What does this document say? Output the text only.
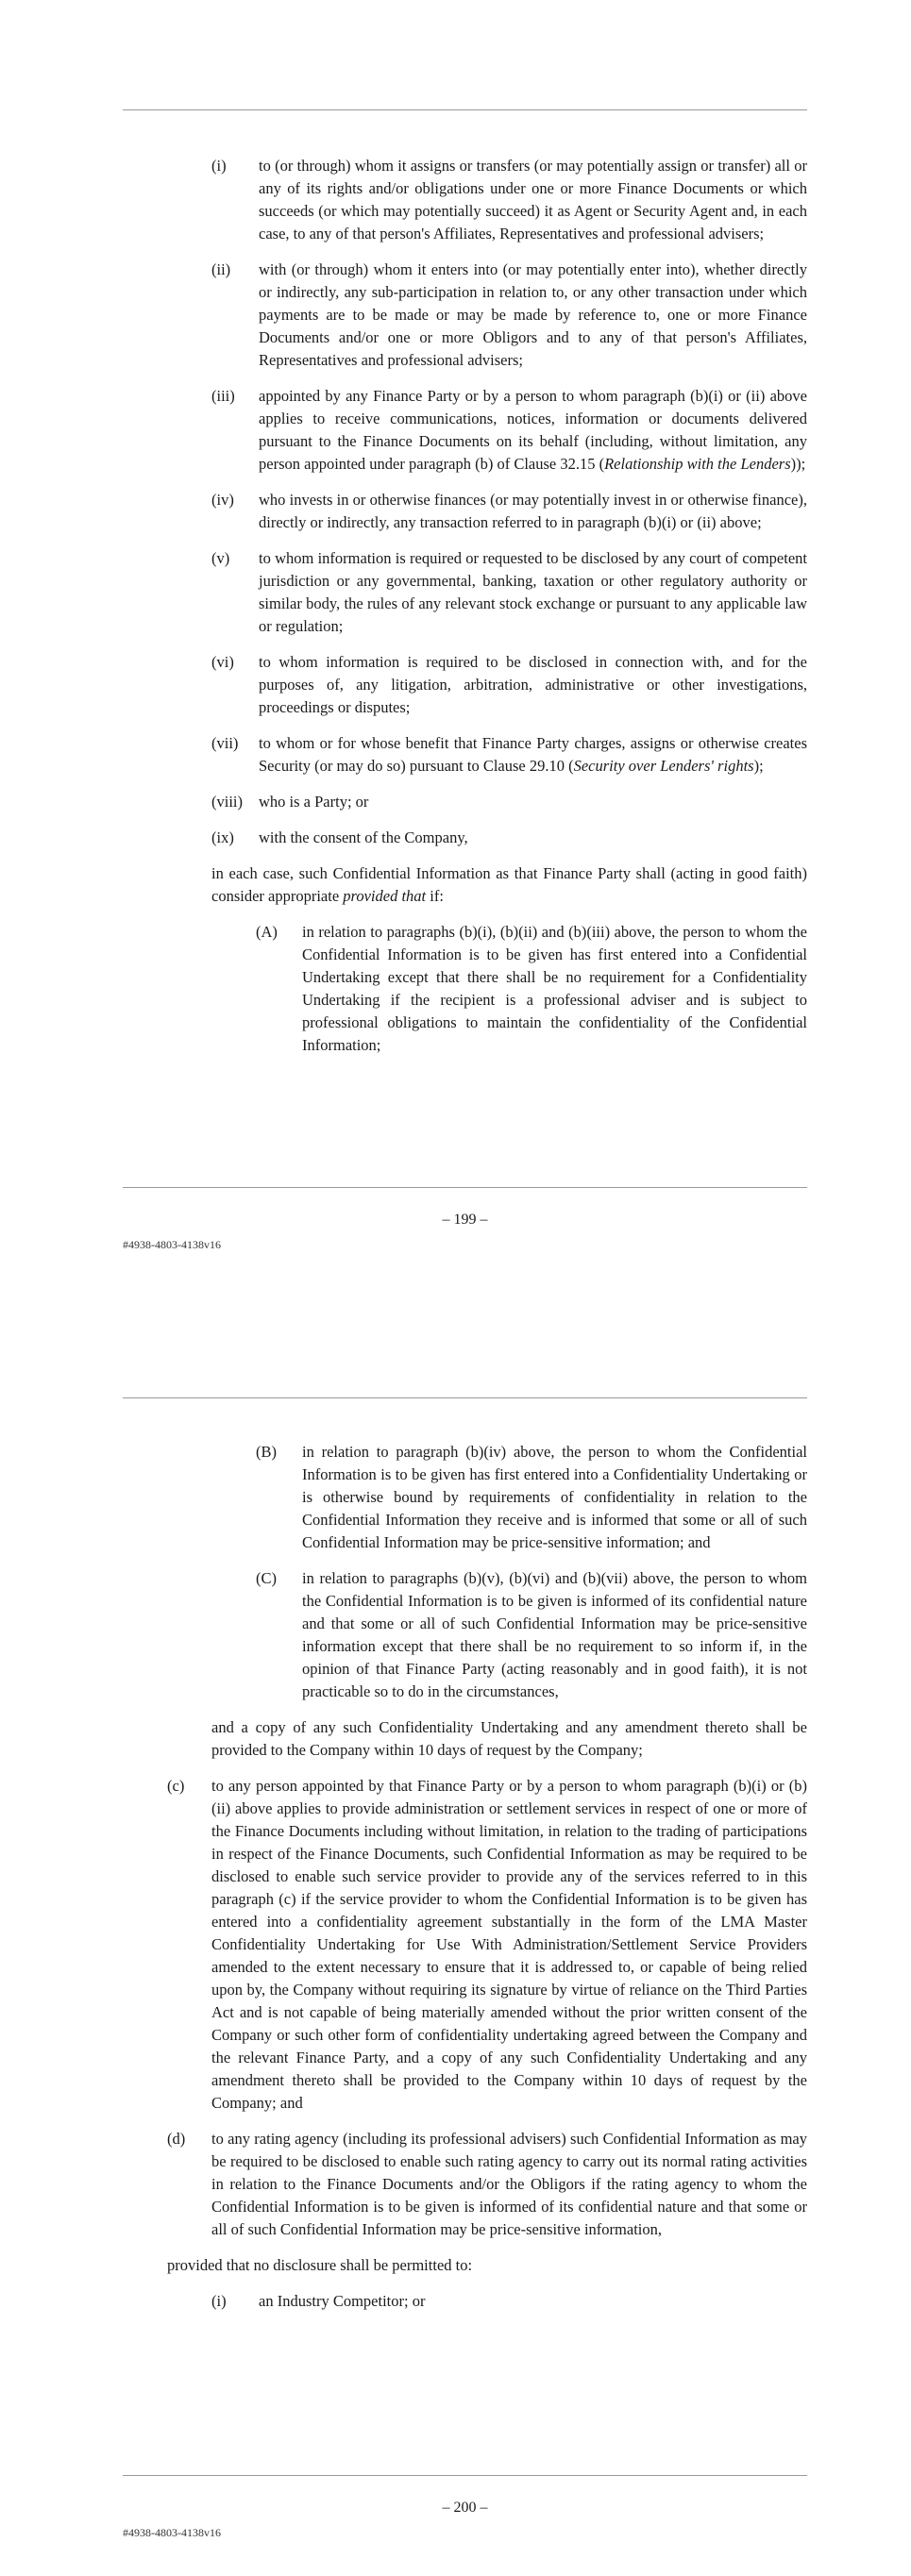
(i) to (or through) whom it assigns or transfers (or may potentially assign or transfer) all or any of its rights and/or obligations under one or more Finance Documents or which succeeds (or which may potentially succeed) it as Agent or Security Agent and, in each case, to any of that person's Affiliates, Representatives and professional advisers;
(ii) with (or through) whom it enters into (or may potentially enter into), whether directly or indirectly, any sub-participation in relation to, or any other transaction under which payments are to be made or may be made by reference to, one or more Finance Documents and/or one or more Obligors and to any of that person's Affiliates, Representatives and professional advisers;
(iii) appointed by any Finance Party or by a person to whom paragraph (b)(i) or (ii) above applies to receive communications, notices, information or documents delivered pursuant to the Finance Documents on its behalf (including, without limitation, any person appointed under paragraph (b) of Clause 32.15 (Relationship with the Lenders));
(iv) who invests in or otherwise finances (or may potentially invest in or otherwise finance), directly or indirectly, any transaction referred to in paragraph (b)(i) or (ii) above;
(v) to whom information is required or requested to be disclosed by any court of competent jurisdiction or any governmental, banking, taxation or other regulatory authority or similar body, the rules of any relevant stock exchange or pursuant to any applicable law or regulation;
(vi) to whom information is required to be disclosed in connection with, and for the purposes of, any litigation, arbitration, administrative or other investigations, proceedings or disputes;
(vii) to whom or for whose benefit that Finance Party charges, assigns or otherwise creates Security (or may do so) pursuant to Clause 29.10 (Security over Lenders' rights);
(viii) who is a Party; or
(ix) with the consent of the Company,
in each case, such Confidential Information as that Finance Party shall (acting in good faith) consider appropriate provided that if:
(A) in relation to paragraphs (b)(i), (b)(ii) and (b)(iii) above, the person to whom the Confidential Information is to be given has first entered into a Confidential Undertaking except that there shall be no requirement for a Confidentiality Undertaking if the recipient is a professional adviser and is subject to professional obligations to maintain the confidentiality of the Confidential Information;
– 199 –
#4938-4803-4138v16
(B) in relation to paragraph (b)(iv) above, the person to whom the Confidential Information is to be given has first entered into a Confidentiality Undertaking or is otherwise bound by requirements of confidentiality in relation to the Confidential Information they receive and is informed that some or all of such Confidential Information may be price-sensitive information; and
(C) in relation to paragraphs (b)(v), (b)(vi) and (b)(vii) above, the person to whom the Confidential Information is to be given is informed of its confidential nature and that some or all of such Confidential Information may be price-sensitive information except that there shall be no requirement to so inform if, in the opinion of that Finance Party (acting reasonably and in good faith), it is not practicable so to do in the circumstances,
and a copy of any such Confidentiality Undertaking and any amendment thereto shall be provided to the Company within 10 days of request by the Company;
(c) to any person appointed by that Finance Party or by a person to whom paragraph (b)(i) or (b)(ii) above applies to provide administration or settlement services in respect of one or more of the Finance Documents including without limitation, in relation to the trading of participations in respect of the Finance Documents, such Confidential Information as may be required to be disclosed to enable such service provider to provide any of the services referred to in this paragraph (c) if the service provider to whom the Confidential Information is to be given has entered into a confidentiality agreement substantially in the form of the LMA Master Confidentiality Undertaking for Use With Administration/Settlement Service Providers amended to the extent necessary to ensure that it is addressed to, or capable of being relied upon by, the Company without requiring its signature by virtue of reliance on the Third Parties Act and is not capable of being materially amended without the prior written consent of the Company or such other form of confidentiality undertaking agreed between the Company and the relevant Finance Party, and a copy of any such Confidentiality Undertaking and any amendment thereto shall be provided to the Company within 10 days of request by the Company; and
(d) to any rating agency (including its professional advisers) such Confidential Information as may be required to be disclosed to enable such rating agency to carry out its normal rating activities in relation to the Finance Documents and/or the Obligors if the rating agency to whom the Confidential Information is to be given is informed of its confidential nature and that some or all of such Confidential Information may be price-sensitive information,
provided that no disclosure shall be permitted to:
(i) an Industry Competitor; or
– 200 –
#4938-4803-4138v16
